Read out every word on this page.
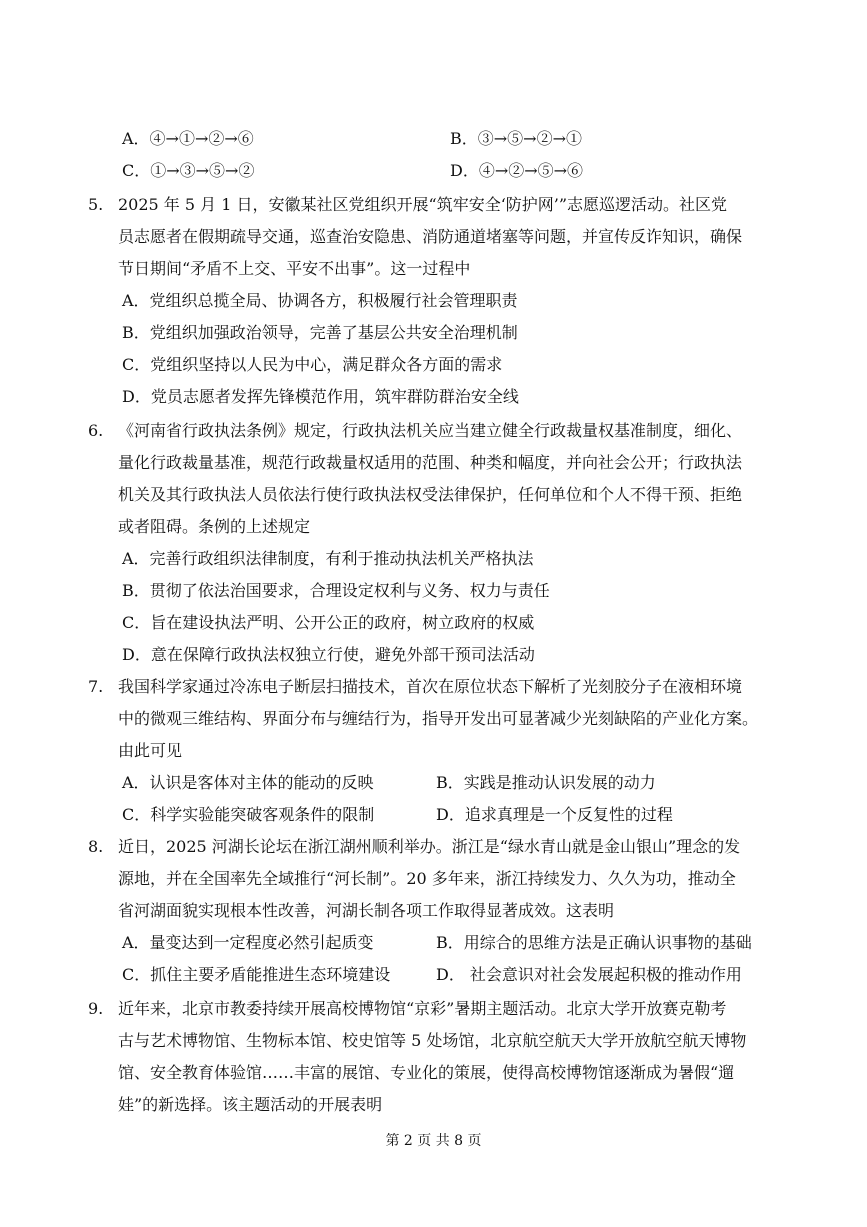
A．④→①→②→⑥	B．③→⑤→②→①
C．①→③→⑤→②	D．④→②→⑤→⑥
5. 2025 年 5 月 1 日，安徽某社区党组织开展“筑牢安全‘防护网’”志愿巡逻活动。社区党
员志愿者在假期疏导交通，巡查治安隐患、消防通道堵塞等问题，并宣传反诈知识，确保
节日期间“矛盾不上交、平安不出事”。这一过程中
A．党组织总揽全局、协调各方，积极履行社会管理职责
B．党组织加强政治领导，完善了基层公共安全治理机制
C．党组织坚持以人民为中心，满足群众各方面的需求
D．党员志愿者发挥先锋模范作用，筑牢群防群治安全线
6. 《河南省行政执法条例》规定，行政执法机关应当建立健全行政裁量权基准制度，细化、
量化行政裁量基准，规范行政裁量权适用的范围、种类和幅度，并向社会公开；行政执法
机关及其行政执法人员依法行使行政执法权受法律保护，任何单位和个人不得干预、拒绝
或者阻碍。条例的上述规定
A．完善行政组织法律制度，有利于推动执法机关严格执法
B．贯彻了依法治国要求，合理设定权利与义务、权力与责任
C．旨在建设执法严明、公开公正的政府，树立政府的权威
D．意在保障行政执法权独立行使，避免外部干预司法活动
7. 我国科学家通过冷冻电子断层扫描技术，首次在原位状态下解析了光刻胶分子在液相环境
中的微观三维结构、界面分布与缠结行为，指导开发出可显著减少光刻缺陷的产业化方案。
由此可见
A．认识是客体对主体的能动的反映	B．实践是推动认识发展的动力
C．科学实验能突破客观条件的限制	D．追求真理是一个反复性的过程
8. 近日，2025 河湖长论坛在浙江湖州顺利举办。浙江是“绿水青山就是金山银山”理念的发
源地，并在全国率先全域推行“河长制”。20 多年来，浙江持续发力、久久为功，推动全
省河湖面貌实现根本性改善，河湖长制各项工作取得显著成效。这表明
A．量变达到一定程度必然引起质变	B．用综合的思维方法是正确认识事物的基础
C．抓住主要矛盾能推进生态环境建设	D． 社会意识对社会发展起积极的推动作用
9. 近年来，北京市教委持续开展高校博物馆“京彩”暑期主题活动。北京大学开放赛克勒考
古与艺术博物馆、生物标本馆、校史馆等 5 处场馆，北京航空航天大学开放航空航天博物
馆、安全教育体验馆……丰富的展馆、专业化的策展，使得高校博物馆逐渐成为暑假“遛
娃”的新选择。该主题活动的开展表明
第 2 页 共 8 页
